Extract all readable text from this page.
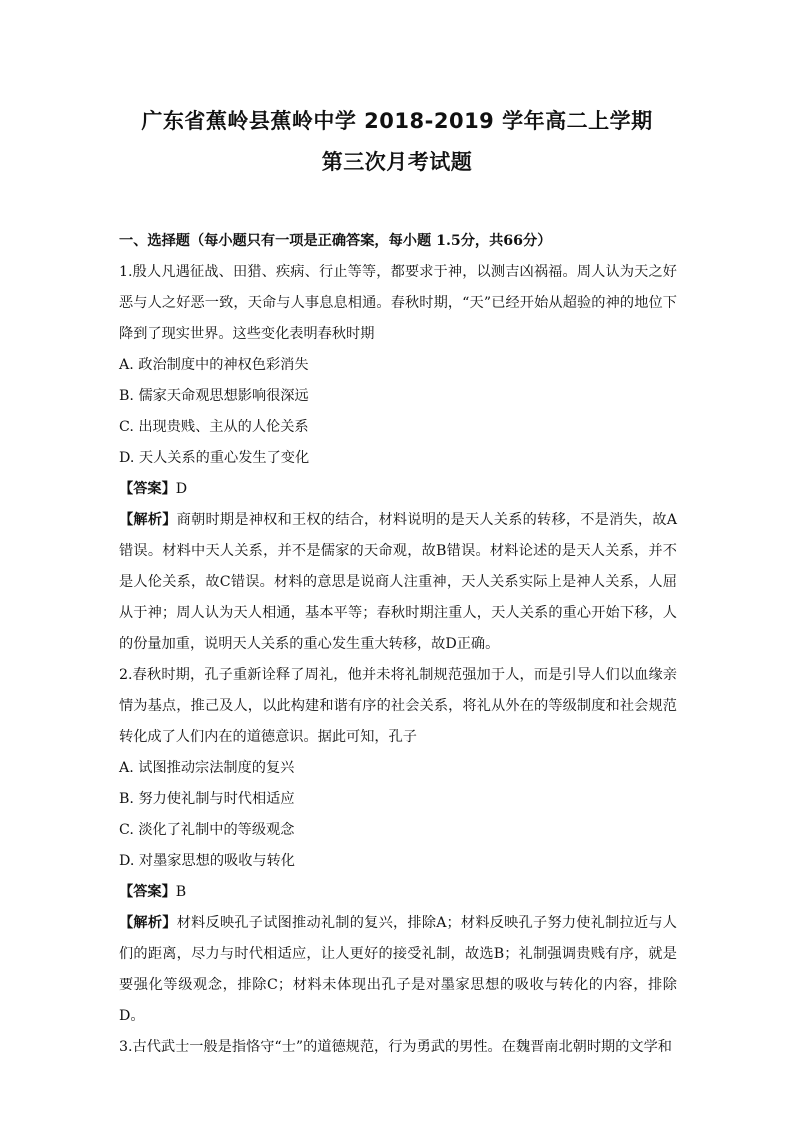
广东省蕉岭县蕉岭中学 2018-2019 学年高二上学期
第三次月考试题

一、选择题（每小题只有一项是正确答案，每小题 1.5分，共66分）

1.殷人凡遇征战、田猎、疾病、行止等等，都要求于神，以测吉凶祸福。周人认为天之好恶与人之好恶一致，天命与人事息息相通。春秋时期，“天”已经开始从超验的神的地位下降到了现实世界。这些变化表明春秋时期

A. 政治制度中的神权色彩消失

B. 儒家天命观思想影响很深远

C. 出现贵贱、主从的人伦关系

D. 天人关系的重心发生了变化

【答案】D

【解析】商朝时期是神权和王权的结合，材料说明的是天人关系的转移，不是消失，故A错误。材料中天人关系，并不是儒家的天命观，故B错误。材料论述的是天人关系，并不是人伦关系，故C错误。材料的意思是说商人注重神，天人关系实际上是神人关系，人屈从于神；周人认为天人相通，基本平等；春秋时期注重人，天人关系的重心开始下移，人的份量加重，说明天人关系的重心发生重大转移，故D正确。

2.春秋时期，孔子重新诠释了周礼，他并未将礼制规范强加于人，而是引导人们以血缘亲情为基点，推己及人，以此构建和谐有序的社会关系，将礼从外在的等级制度和社会规范转化成了人们内在的道德意识。据此可知，孔子

A. 试图推动宗法制度的复兴

B. 努力使礼制与时代相适应

C. 淡化了礼制中的等级观念

D. 对墨家思想的吸收与转化

【答案】B

【解析】材料反映孔子试图推动礼制的复兴，排除A；材料反映孔子努力使礼制拉近与人们的距离，尽力与时代相适应，让人更好的接受礼制，故选B；礼制强调贵贱有序，就是要强化等级观念，排除C；材料未体现出孔子是对墨家思想的吸收与转化的内容，排除D。

3.古代武士一般是指恪守“士”的道德规范，行为勇武的男性。在魏晋南北朝时期的文学和
